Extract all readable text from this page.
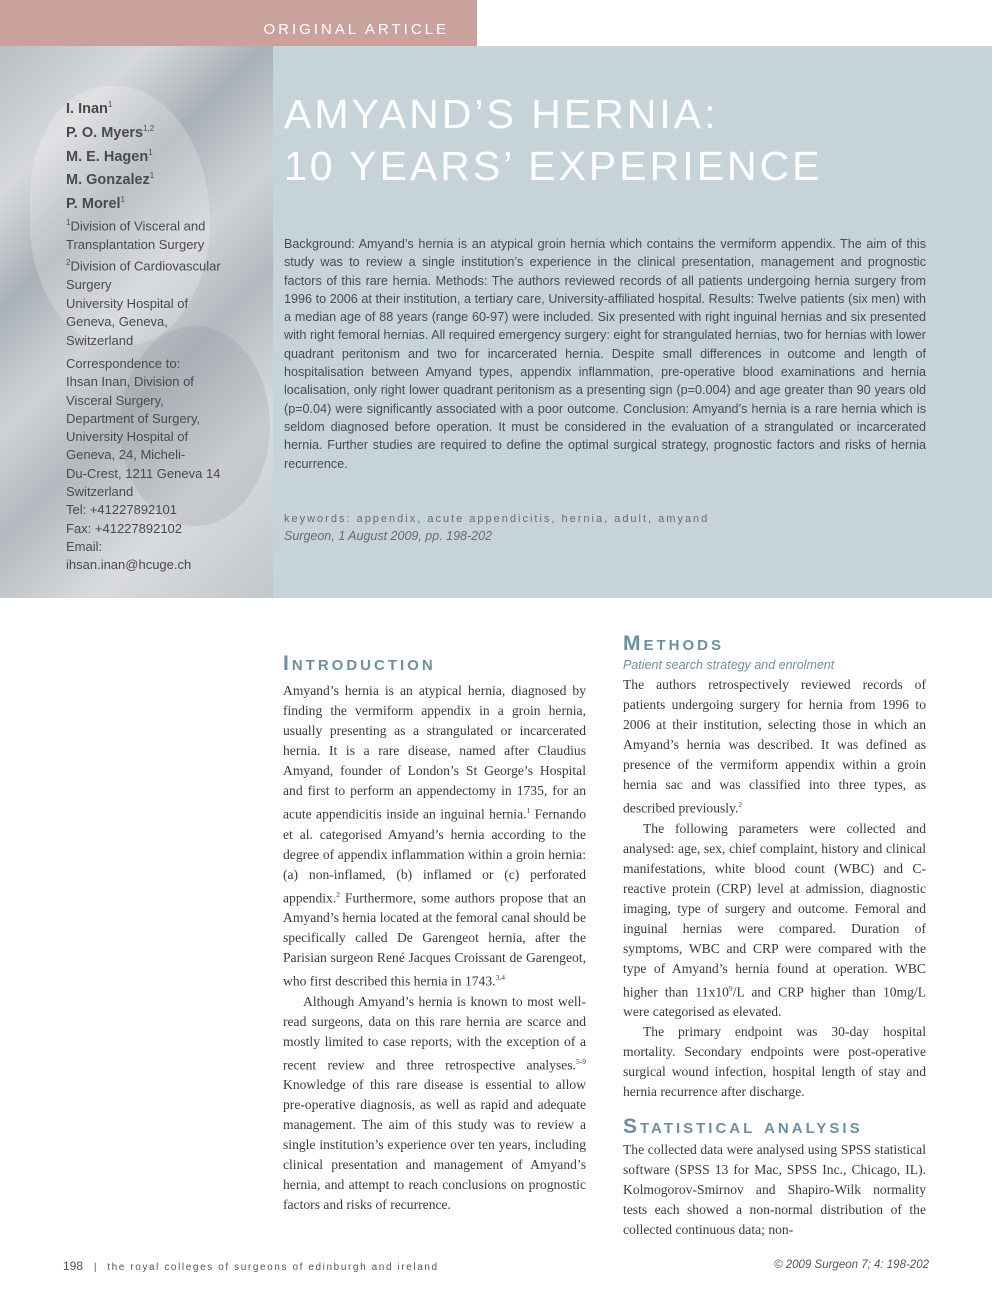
ORIGINAL ARTICLE
I. Inan$^1$
P. O. Myers$^{1,2}$
M. E. Hagen$^1$
M. Gonzalez$^1$
P. Morel$^1$
$^1$Division of Visceral and
Transplantation Surgery
$^2$Division of Cardiovascular
Surgery
University Hospital of
Geneva, Geneva,
Switzerland
Correspondence to:
Ihsan Inan, Division of
Visceral Surgery,
Department of Surgery,
University Hospital of
Geneva, 24, Micheli-
Du-Crest, 1211 Geneva 14
Switzerland
Tel: +41227892101
Fax: +41227892102
Email:
ihsan.inan@hcuge.ch
AMYAND’S HERNIA:
10 YEARS’ EXPERIENCE
Background: Amyand’s hernia is an atypical groin hernia which contains the vermiform appendix. The aim of this study was to review a single institution’s experience in the clinical presentation, management and prognostic factors of this rare hernia. Methods: The authors reviewed records of all patients undergoing hernia surgery from 1996 to 2006 at their institution, a tertiary care, University-affiliated hospital. Results: Twelve patients (six men) with a median age of 88 years (range 60-97) were included. Six presented with right inguinal hernias and six presented with right femoral hernias. All required emergency surgery: eight for strangulated hernias, two for hernias with lower quadrant peritonism and two for incarcerated hernia. Despite small differences in outcome and length of hospitalisation between Amyand types, appendix inflammation, pre-operative blood examinations and hernia localisation, only right lower quadrant peritonism as a presenting sign (p=0.004) and age greater than 90 years old (p=0.04) were significantly associated with a poor outcome. Conclusion: Amyand’s hernia is a rare hernia which is seldom diagnosed before operation. It must be considered in the evaluation of a strangulated or incarcerated hernia. Further studies are required to define the optimal surgical strategy, prognostic factors and risks of hernia recurrence.
keywords: appendix, acute appendicitis, hernia, adult, amyand
Surgeon, 1 August 2009, pp. 198-202
Introduction

Amyand’s hernia is an atypical hernia, diagnosed by finding the vermiform appendix in a groin hernia, usually presenting as a strangulated or incarcerated hernia. It is a rare disease, named after Claudius Amyand, founder of London’s St George’s Hospital and first to perform an appendectomy in 1735, for an acute appendicitis inside an inguinal hernia.$^1$ Fernando et al. categorised Amyand’s hernia according to the degree of appendix inflammation within a groin hernia: (a) non-inflamed, (b) inflamed or (c) perforated appendix.$^2$ Furthermore, some authors propose that an Amyand’s hernia located at the femoral canal should be specifically called De Garengeot hernia, after the Parisian surgeon René Jacques Croissant de Garengeot, who first described this hernia in 1743.$^{3,4}$

Although Amyand’s hernia is known to most well-read surgeons, data on this rare hernia are scarce and mostly limited to case reports, with the exception of a recent review and three retrospective analyses.$^{5-9}$ Knowledge of this rare disease is essential to allow pre-operative diagnosis, as well as rapid and adequate management. The aim of this study was to review a single institution’s experience over ten years, including clinical presentation and management of Amyand’s hernia, and attempt to reach conclusions on prognostic factors and risks of recurrence.

Methods
Patient search strategy and enrolment

The authors retrospectively reviewed records of patients undergoing surgery for hernia from 1996 to 2006 at their institution, selecting those in which an Amyand’s hernia was described. It was defined as presence of the vermiform appendix within a groin hernia sac and was classified into three types, as described previously.$^2$

The following parameters were collected and analysed: age, sex, chief complaint, history and clinical manifestations, white blood count (WBC) and C-reactive protein (CRP) level at admission, diagnostic imaging, type of surgery and outcome. Femoral and inguinal hernias were compared. Duration of symptoms, WBC and CRP were compared with the type of Amyand’s hernia found at operation. WBC higher than $11x10^9/L$ and CRP higher than 10mg/L were categorised as elevated.

The primary endpoint was 30-day hospital mortality. Secondary endpoints were post-operative surgical wound infection, hospital length of stay and hernia recurrence after discharge.

Statistical analysis

The collected data were analysed using SPSS statistical software (SPSS 13 for Mac, SPSS Inc., Chicago, IL). Kolmogorov-Smirnov and Shapiro-Wilk normality tests each showed a non-normal distribution of the collected continuous data; non-

198 | the royal colleges of surgeons of edinburgh and ireland	© 2009 Surgeon 7; 4: 198-202
